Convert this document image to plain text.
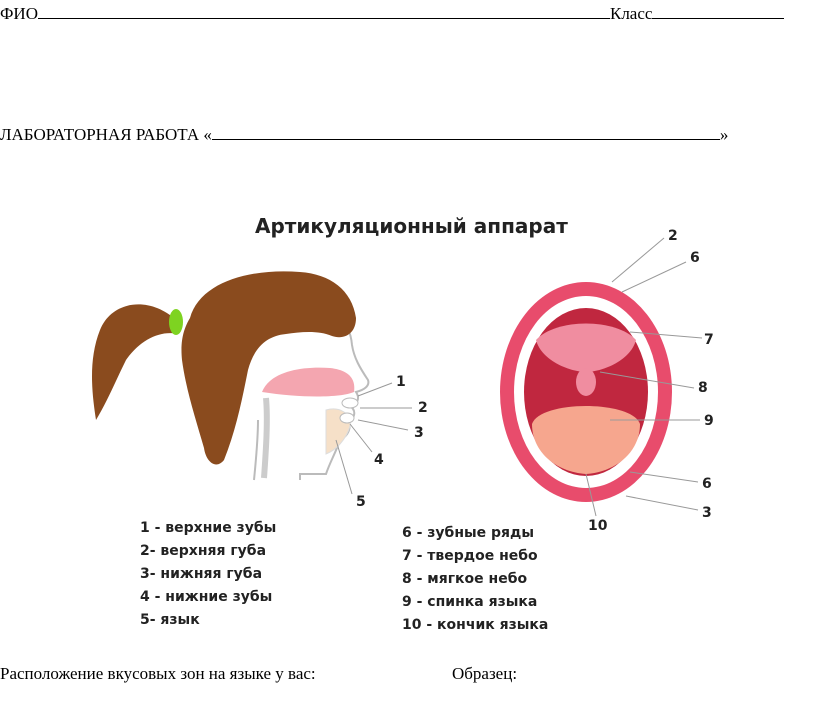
ФИО	Класс
ЛАБОРАТОРНАЯ РАБОТА «	»
Артикуляционный аппарат
1
2
3
4
5
2
6
7
8
9
6
3
10
1 - верхние зубы
2- верхняя губа
3- нижняя губа
4 - нижние зубы
5- язык
6 - зубные ряды
7 - твердое небо
8 - мягкое небо
9 - спинка языка
10 - кончик языка
Расположение вкусовых зон на языке у вас:	Образец:
